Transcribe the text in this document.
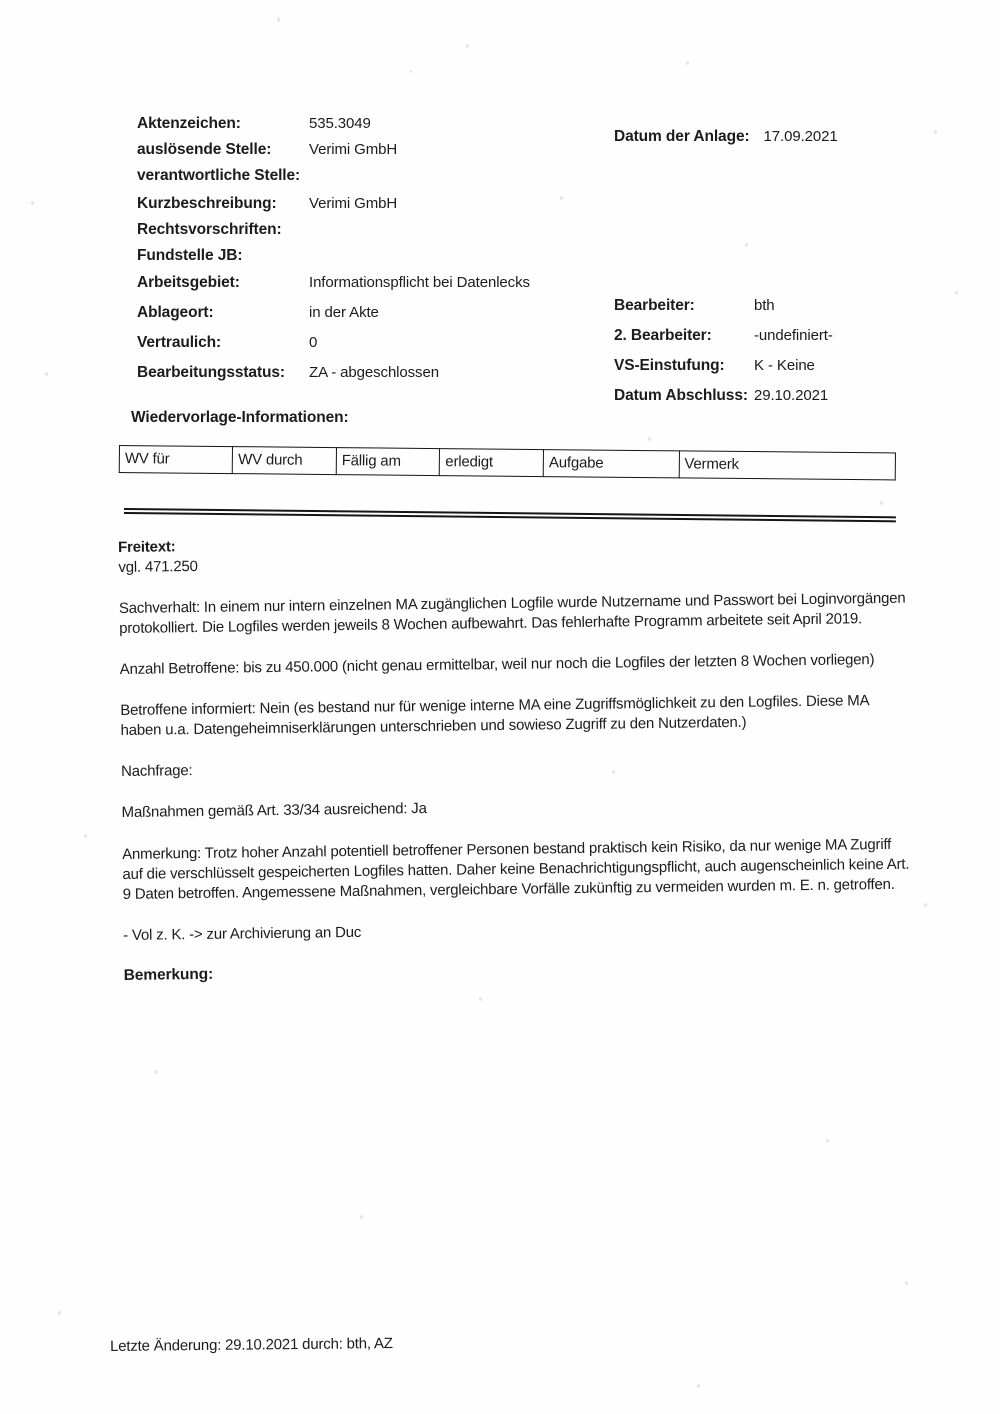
Aktenzeichen:	535.3049
auslösende Stelle:	Verimi GmbH
verantwortliche Stelle:
Kurzbeschreibung:	Verimi GmbH
Rechtsvorschriften:
Fundstelle JB:
Arbeitsgebiet:	Informationspflicht bei Datenlecks
Ablageort:	in der Akte
Vertraulich:	0
Bearbeitungsstatus:	ZA - abgeschlossen
Datum der Anlage: 17.09.2021
Bearbeiter:	bth
2. Bearbeiter:	-undefiniert-
VS-Einstufung:	K - Keine
Datum Abschluss: 29.10.2021
Wiedervorlage-Informationen:
WV für	WV durch	Fällig am	erledigt	Aufgabe	Vermerk
Freitext:
vgl. 471.250

Sachverhalt: In einem nur intern einzelnen MA zugänglichen Logfile wurde Nutzername und Passwort bei Loginvorgängen protokolliert. Die Logfiles werden jeweils 8 Wochen aufbewahrt. Das fehlerhafte Programm arbeitete seit April 2019.

Anzahl Betroffene: bis zu 450.000 (nicht genau ermittelbar, weil nur noch die Logfiles der letzten 8 Wochen vorliegen)

Betroffene informiert: Nein (es bestand nur für wenige interne MA eine Zugriffsmöglichkeit zu den Logfiles. Diese MA haben u.a. Datengeheimniserklärungen unterschrieben und sowieso Zugriff zu den Nutzerdaten.)

Nachfrage:

Maßnahmen gemäß Art. 33/34 ausreichend: Ja

Anmerkung: Trotz hoher Anzahl potentiell betroffener Personen bestand praktisch kein Risiko, da nur wenige MA Zugriff auf die verschlüsselt gespeicherten Logfiles hatten. Daher keine Benachrichtigungspflicht, auch augenscheinlich keine Art. 9 Daten betroffen. Angemessene Maßnahmen, vergleichbare Vorfälle zukünftig zu vermeiden wurden m. E. n. getroffen.

- Vol z. K. -> zur Archivierung an Duc

Bemerkung:
Letzte Änderung: 29.10.2021 durch: bth, AZ
